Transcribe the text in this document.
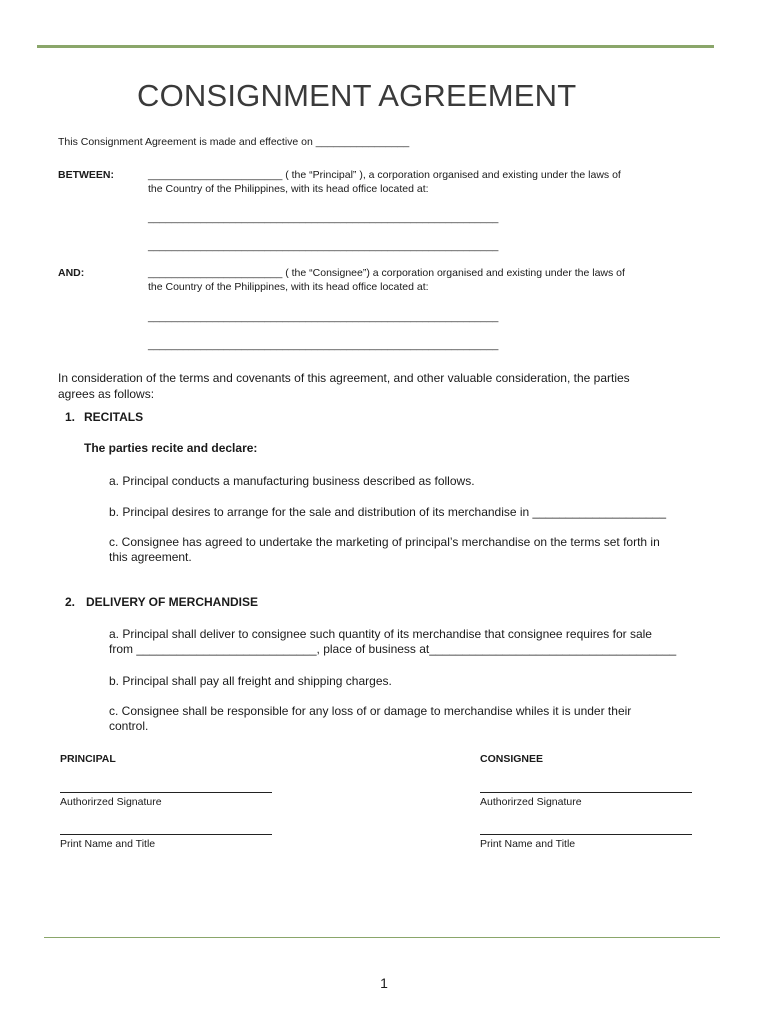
CONSIGNMENT AGREEMENT
This Consignment Agreement is made and effective on ________________
BETWEEN:	_______________________ ( the “Principal” ), a corporation organised and existing under the laws of
the Country of the Philippines, with its head office located at:
____________________________________________________________
____________________________________________________________
AND:	_______________________ ( the “Consignee”) a corporation organised and existing under the laws of
the Country of the Philippines, with its head office located at:
____________________________________________________________
____________________________________________________________
In consideration of the terms and covenants of this agreement, and other valuable consideration, the parties
agrees as follows:
1. RECITALS
The parties recite and declare:
a. Principal conducts a manufacturing business described as follows.
b. Principal desires to arrange for the sale and distribution of its merchandise in ____________________
c. Consignee has agreed to undertake the marketing of principal’s merchandise on the terms set forth in
this agreement.
2. DELIVERY OF MERCHANDISE
a. Principal shall deliver to consignee such quantity of its merchandise that consignee requires for sale
from ___________________________, place of business at_____________________________________
b. Principal shall pay all freight and shipping charges.
c. Consignee shall be responsible for any loss of or damage to merchandise whiles it is under their
control.
PRINCIPAL	CONSIGNEE
Authorirzed Signature	Authorirzed Signature
Print Name and Title	Print Name and Title
1
